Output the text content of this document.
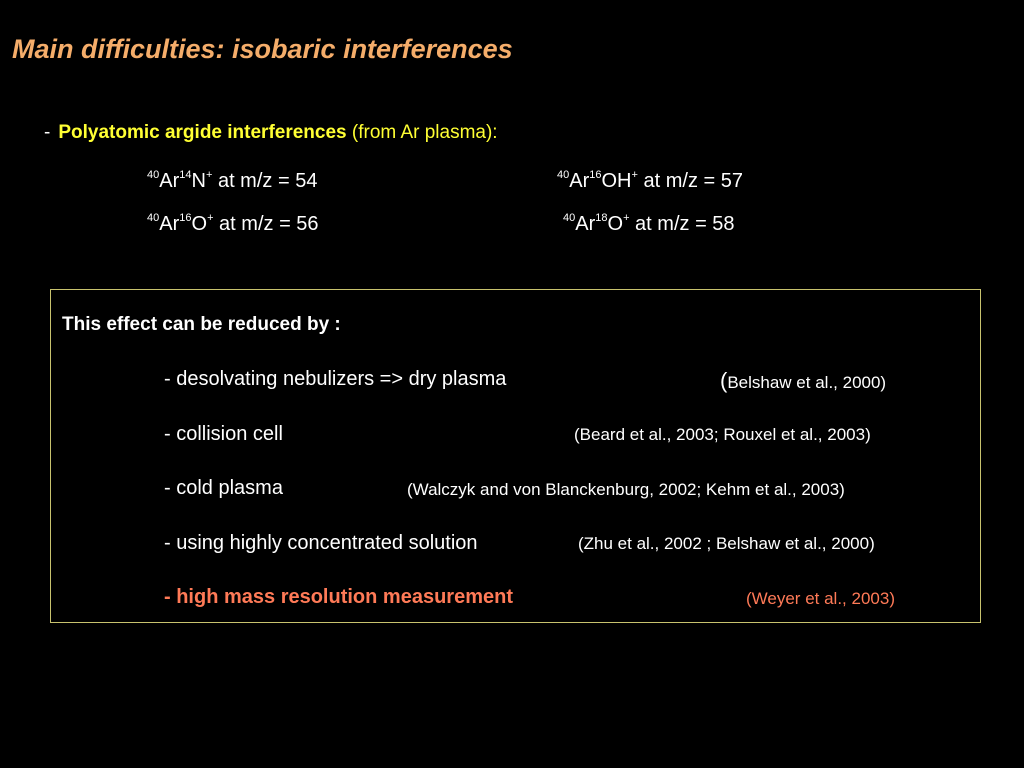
Main difficulties: isobaric interferences
- Polyatomic argide interferences (from Ar plasma):
$^{40}$Ar$^{14}$N+ at m/z = 54	$^{40}$Ar$^{16}$OH+ at m/z = 57
$^{40}$Ar$^{16}$O+ at m/z = 56	$^{40}$Ar$^{18}$O+ at m/z = 58
This effect can be reduced by :
- desolvating nebulizers => dry plasma	(Belshaw et al., 2000)
- collision cell	(Beard et al., 2003; Rouxel et al., 2003)
- cold plasma	(Walczyk and von Blanckenburg, 2002; Kehm et al., 2003)
- using highly concentrated solution	(Zhu et al., 2002 ; Belshaw et al., 2000)
- high mass resolution measurement	(Weyer et al., 2003)
